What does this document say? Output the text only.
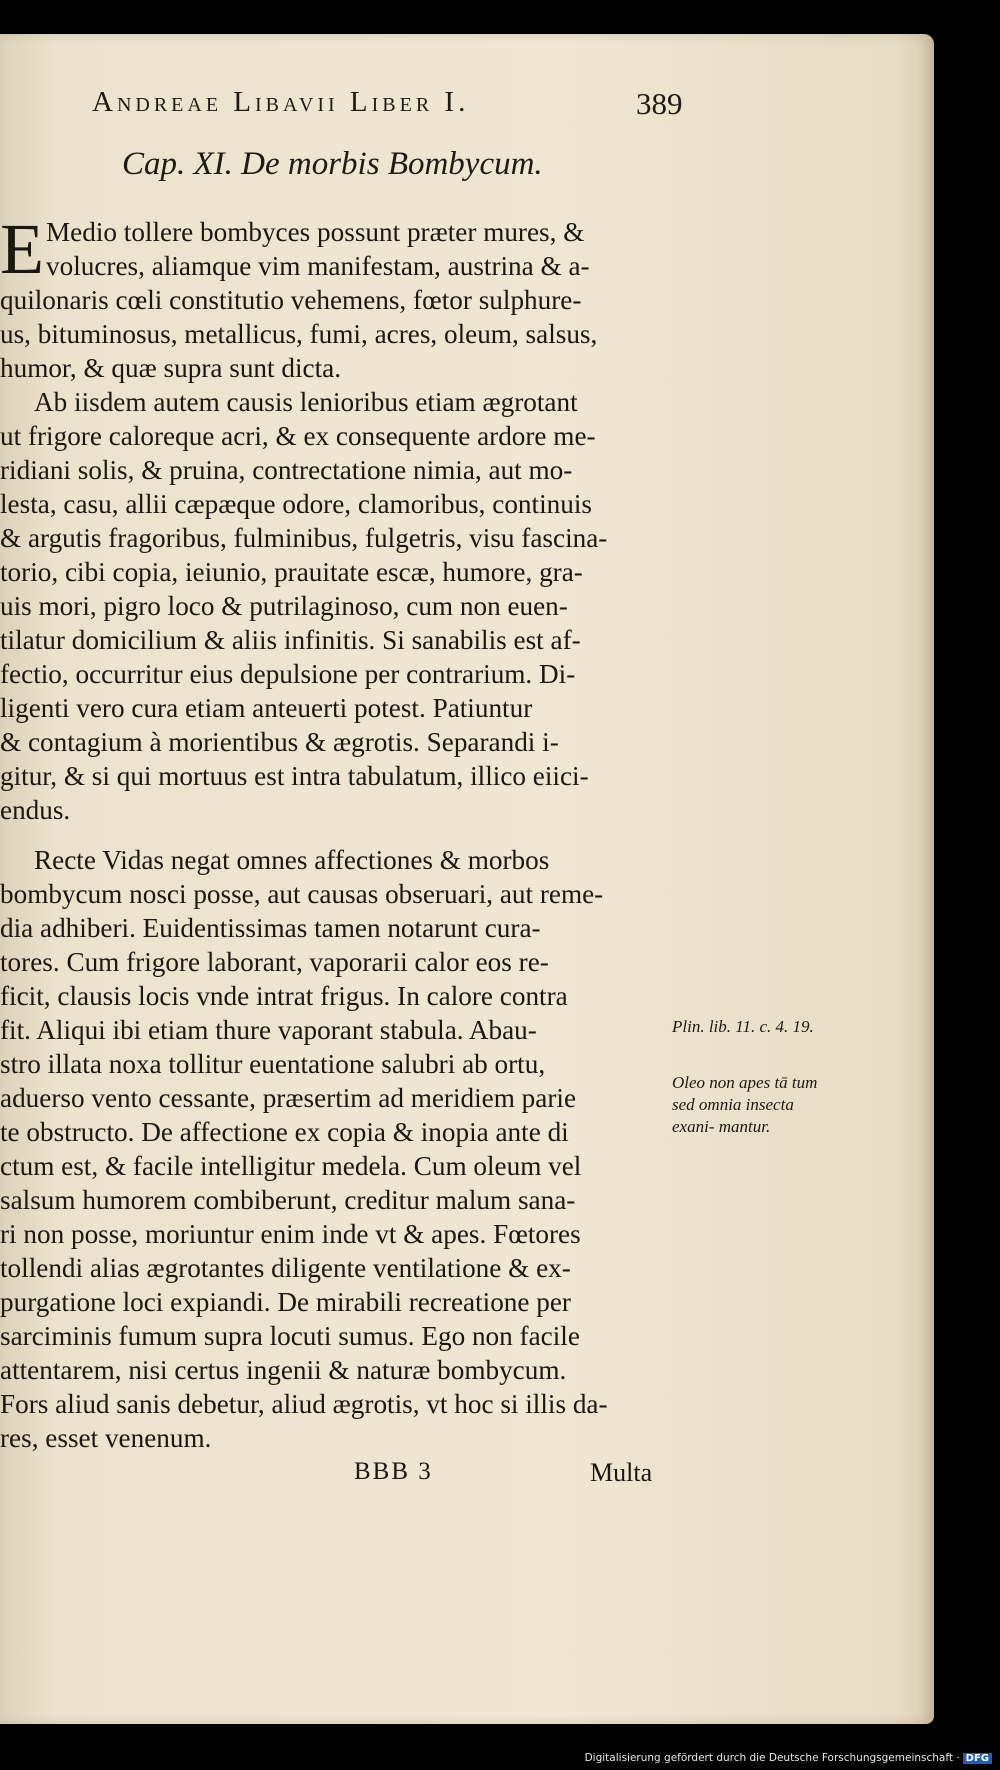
Andreae Libavii Liber I.	389
Cap. XI. De morbis Bombycum.
E Medio tollere bombyces possunt præter mures, &
volucres, aliamque vim manifestam, austrina & a-
quilonaris cœli constitutio vehemens, fœtor sulphure-
us, bituminosus, metallicus, fumi, acres, oleum, salsus,
humor, & quæ supra sunt dicta.
Ab iisdem autem causis lenioribus etiam ægrotant
ut frigore caloreque acri, & ex consequente ardore me-
ridiani solis, & pruina, contrectatione nimia, aut mo-
lesta, casu, allii cæpæque odore, clamoribus, continuis
& argutis fragoribus, fulminibus, fulgetris, visu fascina-
torio, cibi copia, ieiunio, prauitate escæ, humore, gra-
uis mori, pigro loco & putrilaginoso, cum non euen-
tilatur domicilium & aliis infinitis. Si sanabilis est af-
fectio, occurritur eius depulsione per contrarium. Di-
ligenti vero cura etiam anteuerti potest. Patiuntur
& contagium à morientibus & ægrotis. Separandi i-
gitur, & si qui mortuus est intra tabulatum, illico eiici-
endus.
Recte Vidas negat omnes affectiones & morbos
bombycum nosci posse, aut causas obseruari, aut reme-
dia adhiberi. Euidentissimas tamen notarunt cura-
tores. Cum frigore laborant, vaporarii calor eos re-
ficit, clausis locis vnde intrat frigus. In calore contra
fit. Aliqui ibi etiam thure vaporant stabula. Abau-
stro illata noxa tollitur euentatione salubri ab ortu,
aduerso vento cessante, præsertim ad meridiem parie
te obstructo. De affectione ex copia & inopia ante di
ctum est, & facile intelligitur medela. Cum oleum vel
salsum humorem combiberunt, creditur malum sana-
ri non posse, moriuntur enim inde vt & apes. Fœtores
tollendi alias ægrotantes diligente ventilatione & ex-
purgatione loci expiandi. De mirabili recreatione per
sarciminis fumum supra locuti sumus. Ego non facile
attentarem, nisi certus ingenii & naturæ bombycum.
Fors aliud sanis debetur, aliud ægrotis, vt hoc si illis da-
res, esset venenum.
Plin. lib. 11. c. 4. 19.
Oleo non apes tā tum sed omnia insecta exani- mantur.
BBB 3	Multa
Digitalisierung gefördert durch die Deutsche Forschungsgemeinschaft · DFG
